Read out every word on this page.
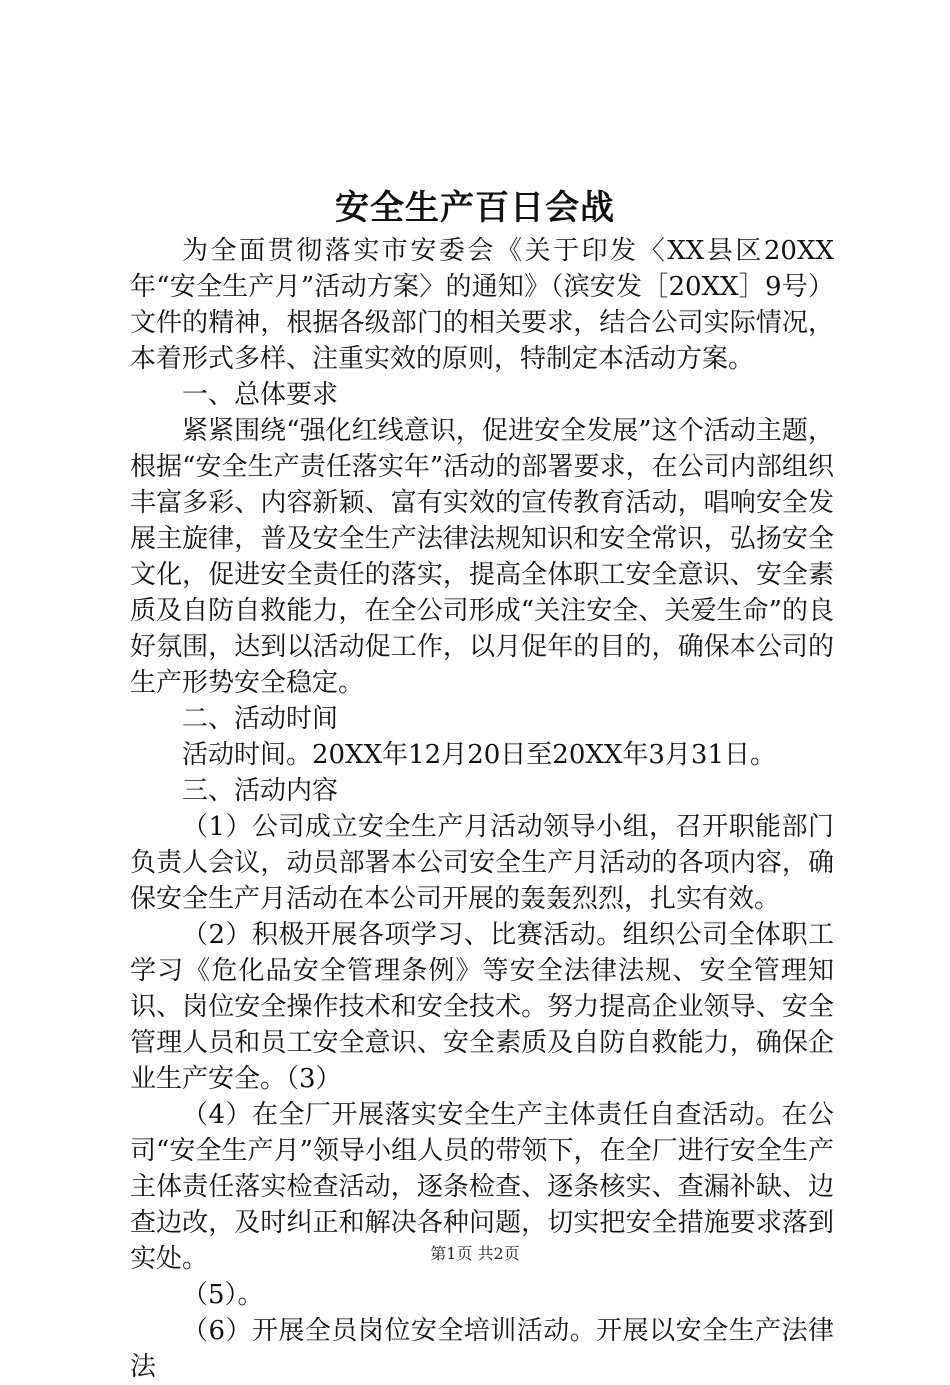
安全生产百日会战

为全面贯彻落实市安委会《关于印发〈XX县区20XX年“安全生产月”活动方案〉的通知》（滨安发［20XX］9号）文件的精神，根据各级部门的相关要求，结合公司实际情况，本着形式多样、注重实效的原则，特制定本活动方案。

一、总体要求

紧紧围绕“强化红线意识，促进安全发展”这个活动主题，根据“安全生产责任落实年”活动的部署要求，在公司内部组织丰富多彩、内容新颖、富有实效的宣传教育活动，唱响安全发展主旋律，普及安全生产法律法规知识和安全常识，弘扬安全文化，促进安全责任的落实，提高全体职工安全意识、安全素质及自防自救能力，在全公司形成“关注安全、关爱生命”的良好氛围，达到以活动促工作，以月促年的目的，确保本公司的生产形势安全稳定。

二、活动时间

活动时间。20XX年12月20日至20XX年3月31日。

三、活动内容

（1）公司成立安全生产月活动领导小组，召开职能部门负责人会议，动员部署本公司安全生产月活动的各项内容，确保安全生产月活动在本公司开展的轰轰烈烈，扎实有效。

（2）积极开展各项学习、比赛活动。组织公司全体职工学习《危化品安全管理条例》等安全法律法规、安全管理知识、岗位安全操作技术和安全技术。努力提高企业领导、安全管理人员和员工安全意识、安全素质及自防自救能力，确保企业生产安全。（3）

（4）在全厂开展落实安全生产主体责任自查活动。在公司“安全生产月”领导小组人员的带领下，在全厂进行安全生产主体责任落实检查活动，逐条检查、逐条核实、查漏补缺、边查边改，及时纠正和解决各种问题，切实把安全措施要求落到实处。

（5）。

（6）开展全员岗位安全培训活动。开展以安全生产法律法

第1页 共2页
